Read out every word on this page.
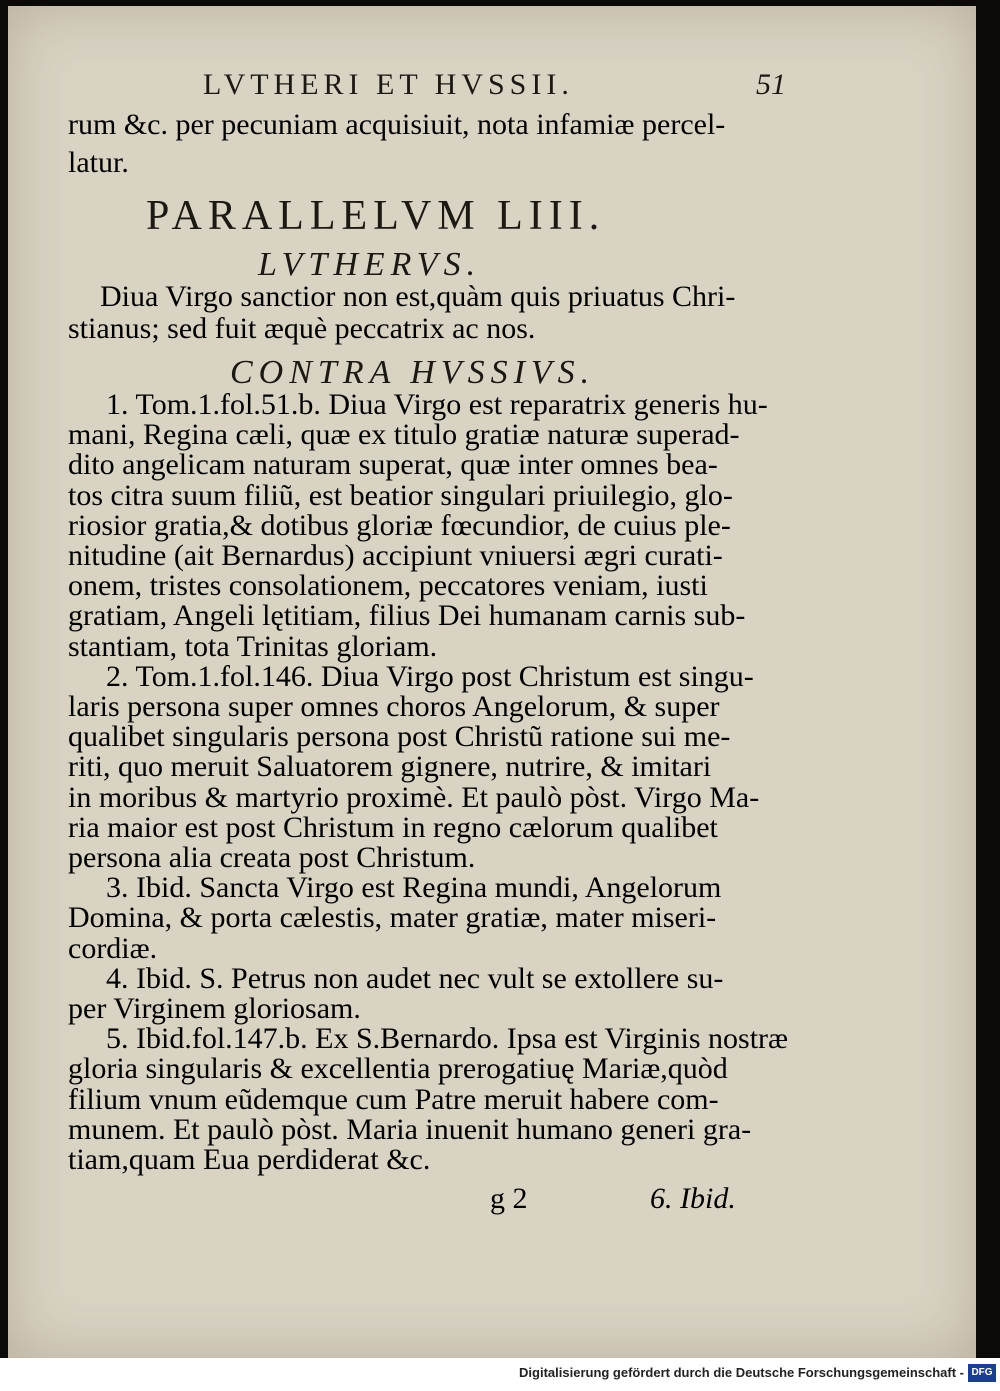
LVTHERI ET HVSSII.	51
rum &c. per pecuniam acquisiuit, nota infamiæ percel-
latur.
PARALLELVM LIII.
LVTHERVS.
Diua Virgo sanctior non est,quàm quis priuatus Chri-
stianus; sed fuit æquè peccatrix ac nos.
CONTRA HVSSIVS.
1. Tom.1.fol.51.b. Diua Virgo est reparatrix generis hu-
mani, Regina cæli, quæ ex titulo gratiæ naturæ superad-
dito angelicam naturam superat, quæ inter omnes bea-
tos citra suum filiũ, est beatior singulari priuilegio, glo-
riosior gratia,& dotibus gloriæ fœcundior, de cuius ple-
nitudine (ait Bernardus) accipiunt vniuersi ægri curati-
onem, tristes consolationem, peccatores veniam, iusti
gratiam, Angeli lętitiam, filius Dei humanam carnis sub-
stantiam, tota Trinitas gloriam.
2. Tom.1.fol.146. Diua Virgo post Christum est singu-
laris persona super omnes choros Angelorum, & super
qualibet singularis persona post Christũ ratione sui me-
riti, quo meruit Saluatorem gignere, nutrire, & imitari
in moribus & martyrio proximè. Et paulò pòst. Virgo Ma-
ria maior est post Christum in regno cælorum qualibet
persona alia creata post Christum.
3. Ibid. Sancta Virgo est Regina mundi, Angelorum
Domina, & porta cælestis, mater gratiæ, mater miseri-
cordiæ.
4. Ibid. S. Petrus non audet nec vult se extollere su-
per Virginem gloriosam.
5. Ibid.fol.147.b. Ex S.Bernardo. Ipsa est Virginis nostræ
gloria singularis & excellentia prerogatiuę Mariæ,quòd
filium vnum eũdemque cum Patre meruit habere com-
munem. Et paulò pòst. Maria inuenit humano generi gra-
tiam,quam Eua perdiderat &c.
g 2	6. Ibid.
Digitalisierung gefördert durch die Deutsche Forschungsgemeinschaft - DFG
